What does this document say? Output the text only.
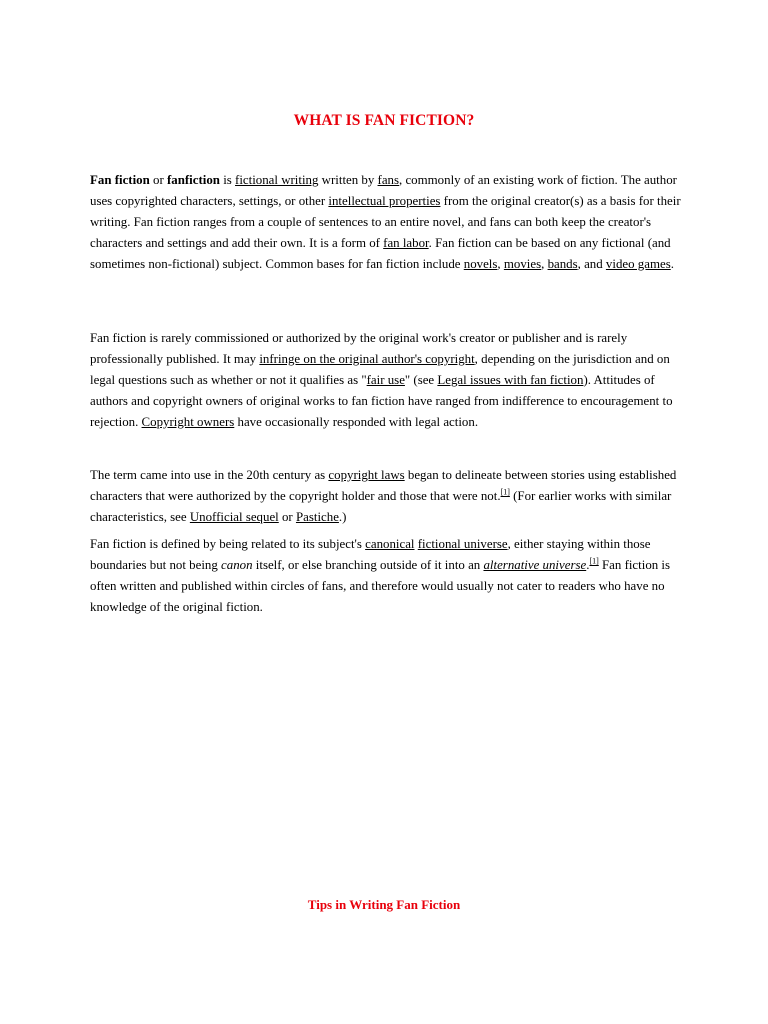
WHAT IS FAN FICTION?

Fan fiction or fanfiction is fictional writing written by fans, commonly of an existing work of fiction. The author uses copyrighted characters, settings, or other intellectual properties from the original creator(s) as a basis for their writing. Fan fiction ranges from a couple of sentences to an entire novel, and fans can both keep the creator's characters and settings and add their own. It is a form of fan labor. Fan fiction can be based on any fictional (and sometimes non-fictional) subject. Common bases for fan fiction include novels, movies, bands, and video games.

Fan fiction is rarely commissioned or authorized by the original work's creator or publisher and is rarely professionally published. It may infringe on the original author's copyright, depending on the jurisdiction and on legal questions such as whether or not it qualifies as "fair use" (see Legal issues with fan fiction). Attitudes of authors and copyright owners of original works to fan fiction have ranged from indifference to encouragement to rejection. Copyright owners have occasionally responded with legal action.

The term came into use in the 20th century as copyright laws began to delineate between stories using established characters that were authorized by the copyright holder and those that were not.[1] (For earlier works with similar characteristics, see Unofficial sequel or Pastiche.)

Fan fiction is defined by being related to its subject's canonical fictional universe, either staying within those boundaries but not being canon itself, or else branching outside of it into an alternative universe.[1] Fan fiction is often written and published within circles of fans, and therefore would usually not cater to readers who have no knowledge of the original fiction.

Tips in Writing Fan Fiction
